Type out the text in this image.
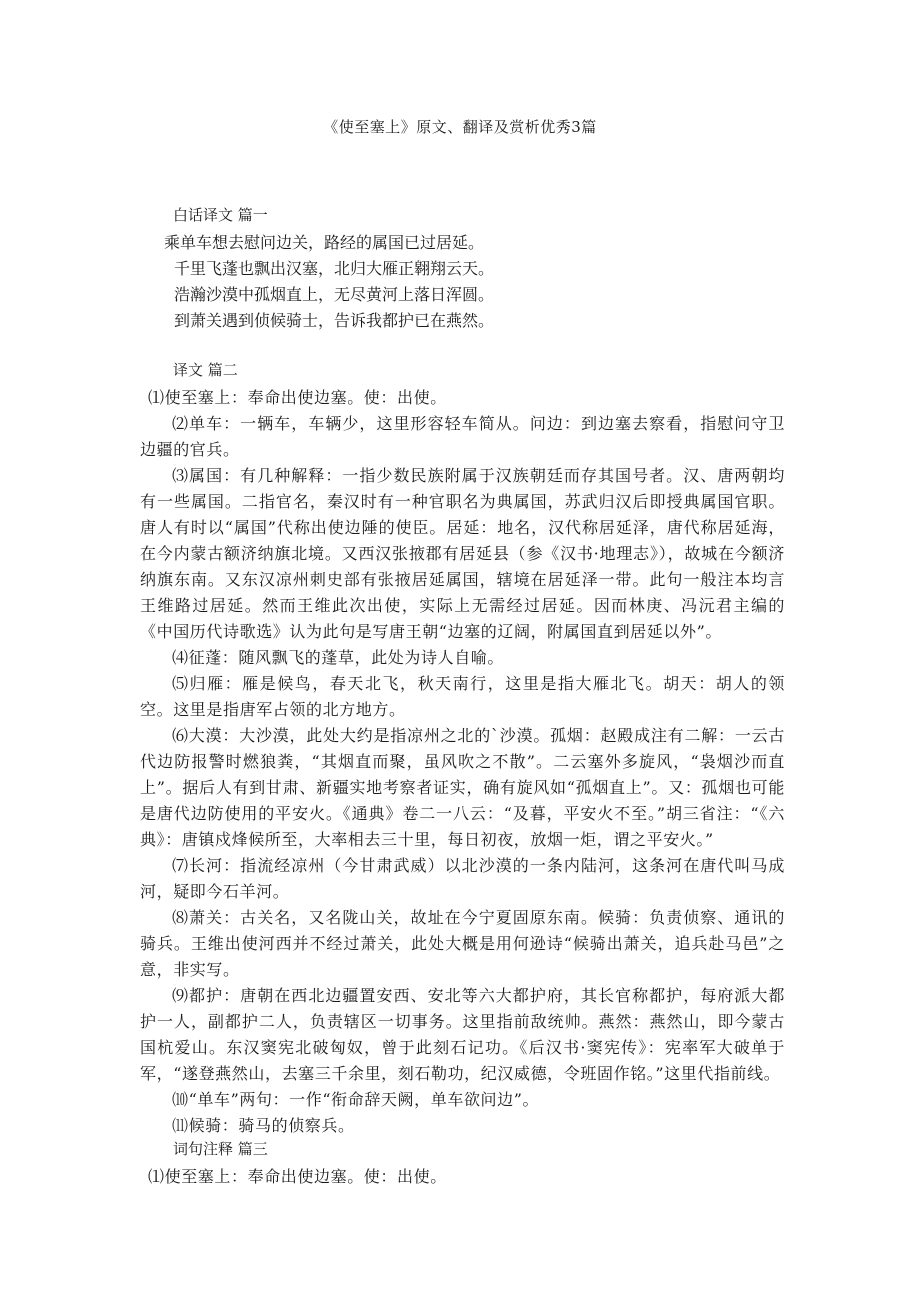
《使至塞上》原文、翻译及赏析优秀3篇

白话译文 篇一

乘单车想去慰问边关，路经的属国已过居延。

千里飞蓬也飘出汉塞，北归大雁正翱翔云天。

浩瀚沙漠中孤烟直上，无尽黄河上落日浑圆。

到萧关遇到侦候骑士，告诉我都护已在燕然。

译文 篇二

⑴使至塞上：奉命出使边塞。使：出使。

⑵单车：一辆车，车辆少，这里形容轻车简从。问边：到边塞去察看，指慰问守卫边疆的官兵。

⑶属国：有几种解释：一指少数民族附属于汉族朝廷而存其国号者。汉、唐两朝均有一些属国。二指官名，秦汉时有一种官职名为典属国，苏武归汉后即授典属国官职。唐人有时以“属国”代称出使边陲的使臣。居延：地名，汉代称居延泽，唐代称居延海，在今内蒙古额济纳旗北境。又西汉张掖郡有居延县（参《汉书·地理志》），故城在今额济纳旗东南。又东汉凉州刺史部有张掖居延属国，辖境在居延泽一带。此句一般注本均言王维路过居延。然而王维此次出使，实际上无需经过居延。因而林庚、冯沅君主编的《中国历代诗歌选》认为此句是写唐王朝“边塞的辽阔，附属国直到居延以外”。

⑷征蓬：随风飘飞的蓬草，此处为诗人自喻。

⑸归雁：雁是候鸟，春天北飞，秋天南行，这里是指大雁北飞。胡天：胡人的领空。这里是指唐军占领的北方地方。

⑹大漠：大沙漠，此处大约是指凉州之北的`沙漠。孤烟：赵殿成注有二解：一云古代边防报警时燃狼粪，“其烟直而聚，虽风吹之不散”。二云塞外多旋风，“袅烟沙而直上”。据后人有到甘肃、新疆实地考察者证实，确有旋风如“孤烟直上”。又：孤烟也可能是唐代边防使用的平安火。《通典》卷二一八云：“及暮，平安火不至。”胡三省注：“《六典》：唐镇戍烽候所至，大率相去三十里，每日初夜，放烟一炬，谓之平安火。”

⑺长河：指流经凉州（今甘肃武威）以北沙漠的一条内陆河，这条河在唐代叫马成河，疑即今石羊河。

⑻萧关：古关名，又名陇山关，故址在今宁夏固原东南。候骑：负责侦察、通讯的骑兵。王维出使河西并不经过萧关，此处大概是用何逊诗“候骑出萧关，追兵赴马邑”之意，非实写。

⑼都护：唐朝在西北边疆置安西、安北等六大都护府，其长官称都护，每府派大都护一人，副都护二人，负责辖区一切事务。这里指前敌统帅。燕然：燕然山，即今蒙古国杭爱山。东汉窦宪北破匈奴，曾于此刻石记功。《后汉书·窦宪传》：宪率军大破单于军，“遂登燕然山，去塞三千余里，刻石勒功，纪汉威德，令班固作铭。”这里代指前线。

⑽“单车”两句：一作“衔命辞天阙，单车欲问边”。

⑾候骑：骑马的侦察兵。

词句注释 篇三

⑴使至塞上：奉命出使边塞。使：出使。
